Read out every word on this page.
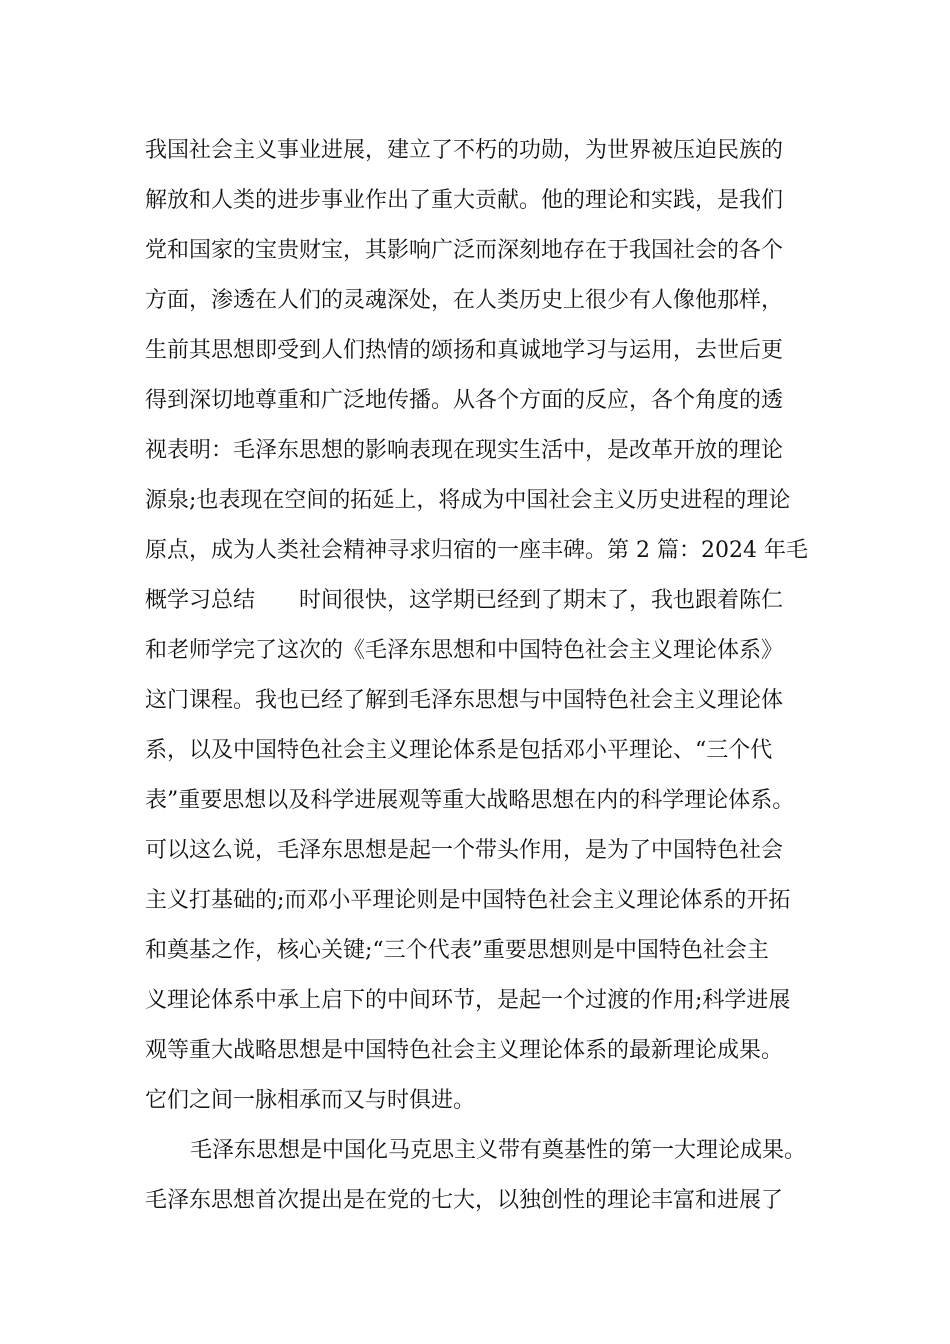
我国社会主义事业进展，建立了不朽的功勋，为世界被压迫民族的

解放和人类的进步事业作出了重大贡献。他的理论和实践，是我们

党和国家的宝贵财宝，其影响广泛而深刻地存在于我国社会的各个

方面，渗透在人们的灵魂深处，在人类历史上很少有人像他那样，

生前其思想即受到人们热情的颂扬和真诚地学习与运用，去世后更

得到深切地尊重和广泛地传播。从各个方面的反应，各个角度的透

视表明：毛泽东思想的影响表现在现实生活中，是改革开放的理论

源泉;也表现在空间的拓延上，将成为中国社会主义历史进程的理论

原点，成为人类社会精神寻求归宿的一座丰碑。第 2 篇：2024 年毛

概学习总结　　时间很快，这学期已经到了期末了，我也跟着陈仁

和老师学完了这次的《毛泽东思想和中国特色社会主义理论体系》

这门课程。我也已经了解到毛泽东思想与中国特色社会主义理论体

系，以及中国特色社会主义理论体系是包括邓小平理论、“三个代

表”重要思想以及科学进展观等重大战略思想在内的科学理论体系。

可以这么说，毛泽东思想是起一个带头作用，是为了中国特色社会

主义打基础的;而邓小平理论则是中国特色社会主义理论体系的开拓

和奠基之作，核心关键;“三个代表”重要思想则是中国特色社会主

义理论体系中承上启下的中间环节，是起一个过渡的作用;科学进展

观等重大战略思想是中国特色社会主义理论体系的最新理论成果。

它们之间一脉相承而又与时俱进。

毛泽东思想是中国化马克思主义带有奠基性的第一大理论成果。

毛泽东思想首次提出是在党的七大，以独创性的理论丰富和进展了
